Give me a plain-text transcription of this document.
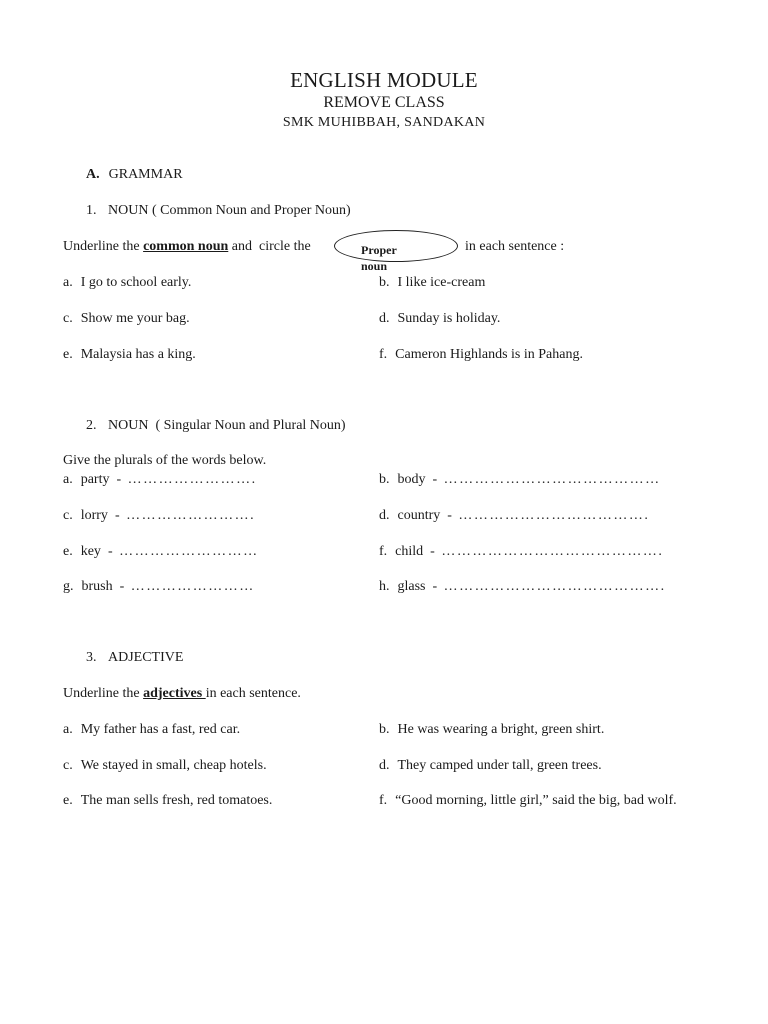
ENGLISH MODULE
REMOVE CLASS
SMK MUHIBBAH, SANDAKAN
A. GRAMMAR
1. NOUN ( Common Noun and Proper Noun)
Underline the common noun and  circle the	Proper noun
in each sentence :
a. I go to school early.	b. I like ice-cream
c. Show me your bag.	d. Sunday is holiday.
e. Malaysia has a king.	f. Cameron Highlands is in Pahang.
2. NOUN  ( Singular Noun and Plural Noun)
Give the plurals of the words below.
a. party - …………………….	b. body - ……………………………………
c. lorry - …………………….	d. country - ……………………………….
e. key - ………………………	f. child - …………………………………….
g. brush - ……………………	h. glass - …………………………………….
3. ADJECTIVE
Underline the adjectives in each sentence.
a. My father has a fast, red car.	b. He was wearing a bright, green shirt.
c. We stayed in small, cheap hotels.	d. They camped under tall, green trees.
e. The man sells fresh, red tomatoes.	f. “Good morning, little girl,” said the big, bad wolf.
